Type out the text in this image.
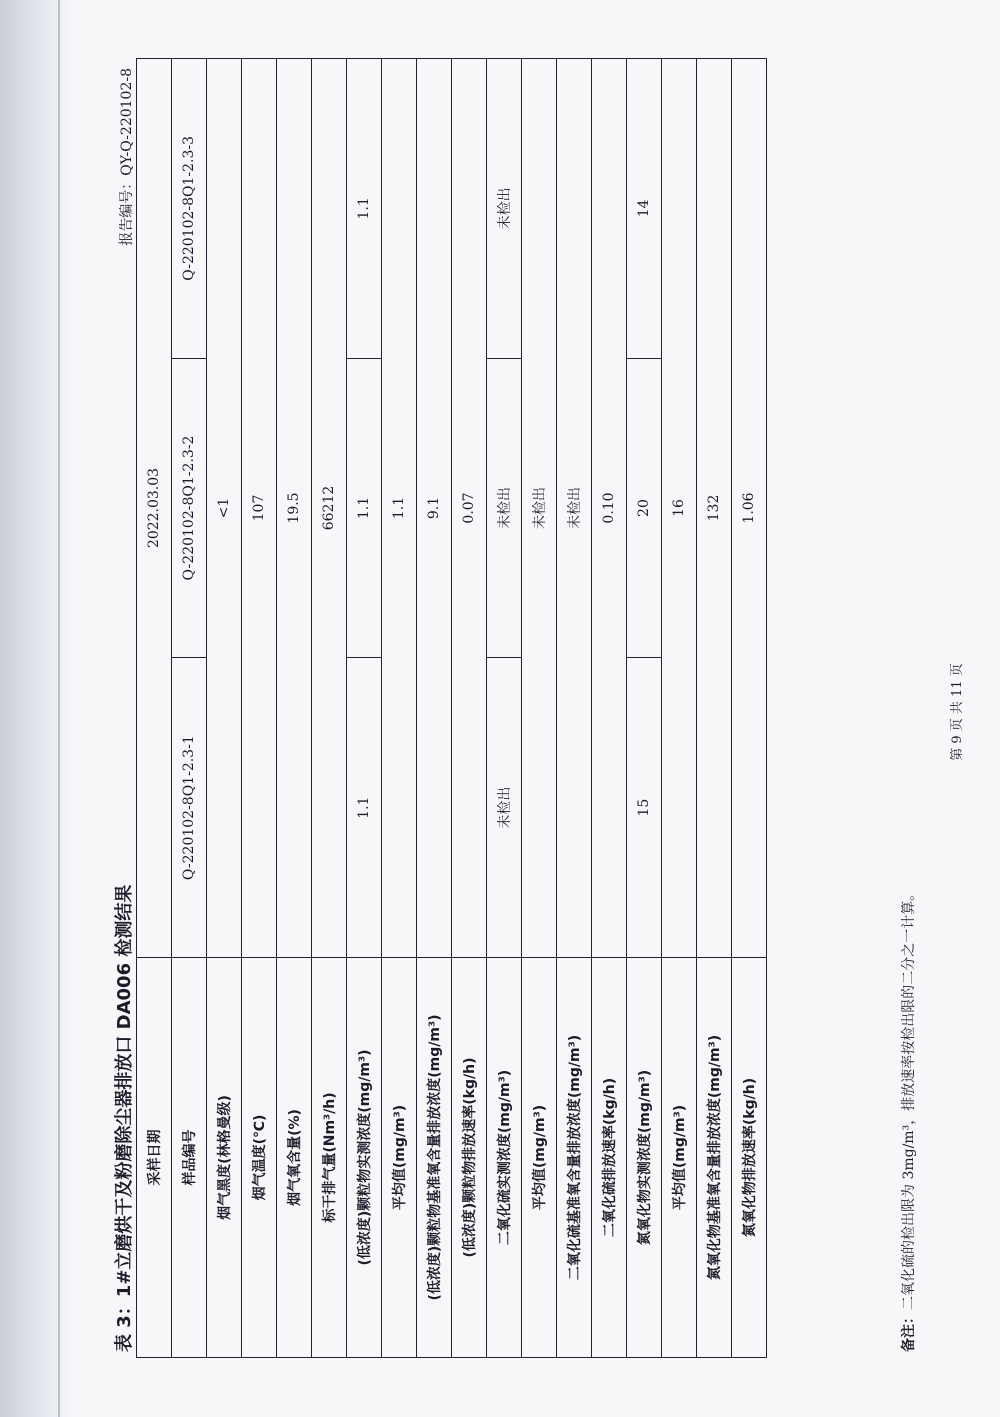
报告编号：QY-Q-220102-8
表 3：1#立磨烘干及粉磨除尘器排放口 DA006 检测结果 采样日期	2022.03.03		
样品编号	Q-220102-8Q1-2.3-1	Q-220102-8Q1-2.3-2	Q-220102-8Q1-2.3-3
烟气黑度(林格曼级)	<1		
烟气温度(℃)	107		
烟气氧含量(%)	19.5		
标干排气量(Nm³/h)	66212		
(低浓度)颗粒物实测浓度(mg/m³)	1.1	1.1	1.1
平均值(mg/m³)	1.1		
(低浓度)颗粒物基准氧含量排放浓度(mg/m³)	9.1		
(低浓度)颗粒物排放速率(kg/h)	0.07		
二氧化硫实测浓度(mg/m³)	未检出	未检出	未检出
平均值(mg/m³)	未检出		
二氧化硫基准氧含量排放浓度(mg/m³)	未检出		
二氧化硫排放速率(kg/h)	0.10		
氮氧化物实测浓度(mg/m³)	15	20	14
平均值(mg/m³)	16		
氮氧化物基准氧含量排放浓度(mg/m³)	132		
氮氧化物排放速率(kg/h)	1.06		
备注：二氧化硫的检出限为 3mg/m³，排放速率按检出限的二分之一计算。
第 9 页 共 11 页
